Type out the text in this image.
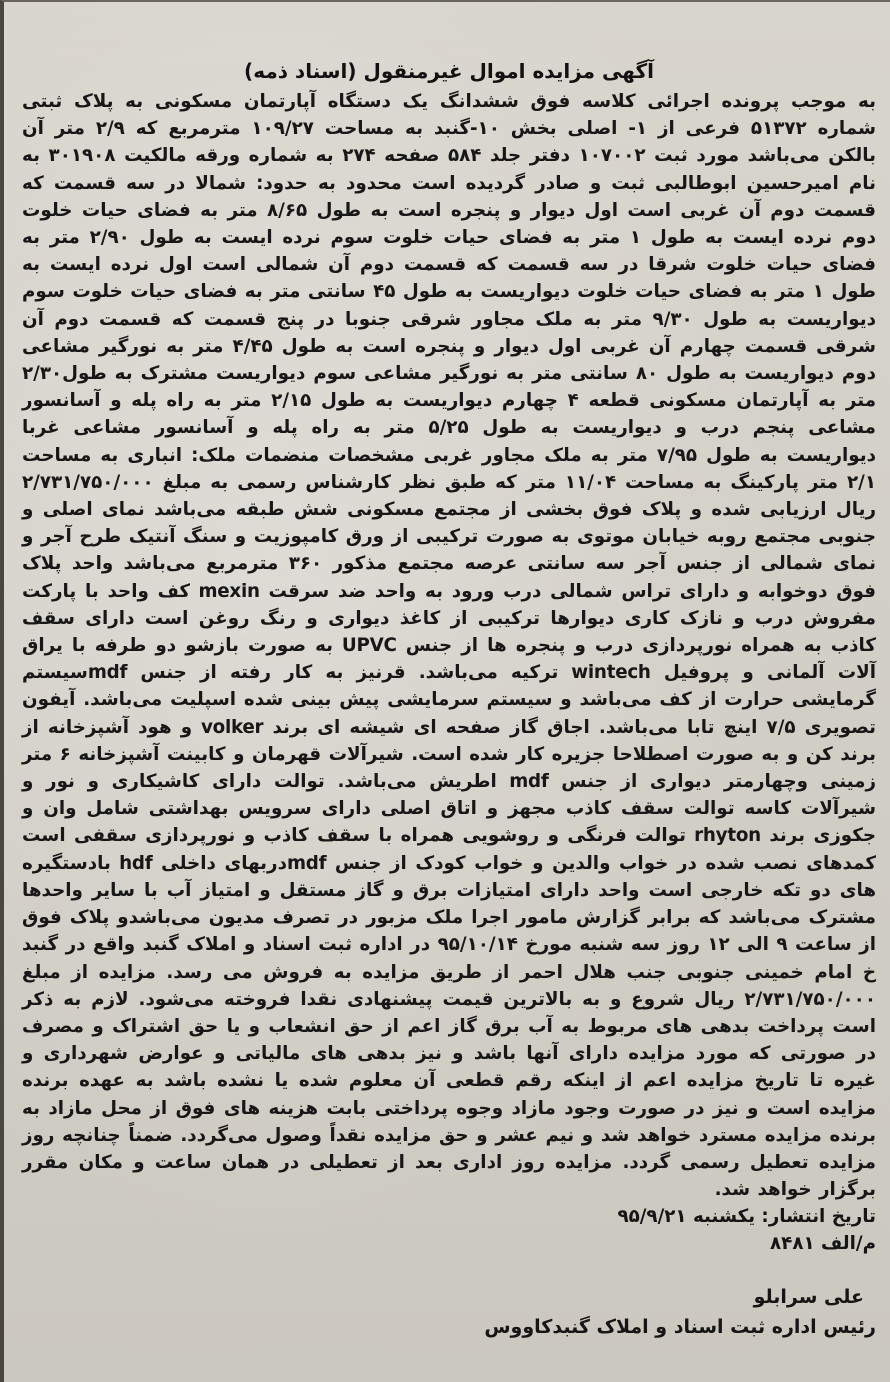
آگهی مزایده اموال غیرمنقول (اسناد ذمه)

به موجب پرونده اجرائی کلاسه فوق ششدانگ یک دستگاه آپارتمان مسکونی به پلاک ثبتی شماره ۵۱۳۷۲ فرعی از ۱- اصلی بخش ۱۰-گنبد به مساحت ۱۰۹/۲۷ مترمربع که ۲/۹ متر آن بالکن می‌باشد مورد ثبت ۱۰۷۰۰۲ دفتر جلد ۵۸۴ صفحه ۲۷۴ به شماره ورقه مالکیت ۳۰۱۹۰۸ به نام امیرحسین ابوطالبی ثبت و صادر گردیده است محدود به حدود: شمالا در سه قسمت که قسمت دوم آن غربی است اول دیوار و پنجره است به طول ۸/۶۵ متر به فضای حیات خلوت دوم نرده ایست به طول ۱ متر به فضای حیات خلوت سوم نرده ایست به طول ۲/۹۰ متر به فضای حیات خلوت شرقا در سه قسمت که قسمت دوم آن شمالی است اول نرده ایست به طول ۱ متر به فضای حیات خلوت دیواریست به طول ۴۵ سانتی متر به فضای حیات خلوت سوم دیواریست به طول ۹/۳۰ متر به ملک مجاور شرقی جنوبا در پنج قسمت که قسمت دوم آن شرقی قسمت چهارم آن غربی اول دیوار و پنجره است به طول ۴/۴۵ متر به نورگیر مشاعی دوم دیواریست به طول ۸۰ سانتی متر به نورگیر مشاعی سوم دیواریست مشترک به طول۲/۳۰ متر به آپارتمان مسکونی قطعه ۴ چهارم دیواریست به طول ۲/۱۵ متر به راه پله و آسانسور مشاعی پنجم درب و دیواریست به طول ۵/۲۵ متر به راه پله و آسانسور مشاعی غربا دیواریست به طول ۷/۹۵ متر به ملک مجاور غربی مشخصات منضمات ملک: انباری به مساحت ۲/۱ متر پارکینگ به مساحت ۱۱/۰۴ متر که طبق نظر کارشناس رسمی به مبلغ ۲/۷۳۱/۷۵۰/۰۰۰ ریال ارزیابی شده و پلاک فوق بخشی از مجتمع مسکونی شش طبقه می‌باشد نمای اصلی و جنوبی مجتمع روبه خیابان موتوی به صورت ترکیبی از ورق کامپوزیت و سنگ آنتیک طرح آجر و نمای شمالی از جنس آجر سه سانتی عرصه مجتمع مذکور ۳۶۰ مترمربع می‌باشد واحد پلاک فوق دوخوابه و دارای تراس شمالی درب ورود به واحد ضد سرقت mexin کف واحد با پارکت مفروش درب و نازک کاری دیوارها ترکیبی از کاغذ دیواری و رنگ روغن است دارای سقف کاذب به همراه نورپردازی درب و پنجره ها از جنس UPVC به صورت بازشو دو طرفه با یراق آلات آلمانی و پروفیل wintech ترکیه می‌باشد. قرنیز به کار رفته از جنس mdfسیستم گرمایشی حرارت از کف می‌باشد و سیستم سرمایشی پیش بینی شده اسپلیت می‌باشد. آیفون تصویری ۷/۵ اینچ تابا می‌باشد. اجاق گاز صفحه ای شیشه ای برند volker و هود آشپزخانه از برند کن و به صورت اصطلاحا جزیره کار شده است. شیرآلات قهرمان و کابینت آشپزخانه ۶ متر زمینی وچهارمتر دیواری از جنس mdf اطریش می‌باشد. توالت دارای کاشیکاری و نور و شیرآلات کاسه توالت سقف کاذب مجهز و اتاق اصلی دارای سرویس بهداشتی شامل وان و جکوزی برند rhyton توالت فرنگی و روشویی همراه با سقف کاذب و نورپردازی سقفی است کمدهای نصب شده در خواب والدین و خواب کودک از جنس mdfدربهای داخلی hdf بادستگیره های دو تکه خارجی است واحد دارای امتیازات برق و گاز مستقل و امتیاز آب با سایر واحدها مشترک می‌باشد که برابر گزارش مامور اجرا ملک مزبور در تصرف مدیون می‌باشدو پلاک فوق از ساعت ۹ الی ۱۲ روز سه شنبه مورخ ۹۵/۱۰/۱۴ در اداره ثبت اسناد و املاک گنبد واقع در گنبد خ امام خمینی جنوبی جنب هلال احمر از طریق مزایده به فروش می رسد. مزایده از مبلغ ۲/۷۳۱/۷۵۰/۰۰۰ ریال شروع و به بالاترین قیمت پیشنهادی نقدا فروخته می‌شود. لازم به ذکر است پرداخت بدهی های مربوط به آب برق گاز اعم از حق انشعاب و یا حق اشتراک و مصرف در صورتی که مورد مزایده دارای آنها باشد و نیز بدهی های مالیاتی و عوارض شهرداری و غیره تا تاریخ مزایده اعم از اینکه رقم قطعی آن معلوم شده یا نشده باشد به عهده برنده مزایده است و نیز در صورت وجود مازاد وجوه پرداختی بابت هزینه های فوق از محل مازاد به برنده مزایده مسترد خواهد شد و نیم عشر و حق مزایده نقداً وصول می‌گردد. ضمناً چنانچه روز مزایده تعطیل رسمی گردد. مزایده روز اداری بعد از تعطیلی در همان ساعت و مکان مقرر برگزار خواهد شد.

تاریخ انتشار: یکشنبه ۹۵/۹/۲۱
م/الف ۸۴۸۱
علی سرابلو
رئیس اداره ثبت اسناد و املاک گنبدکاووس
